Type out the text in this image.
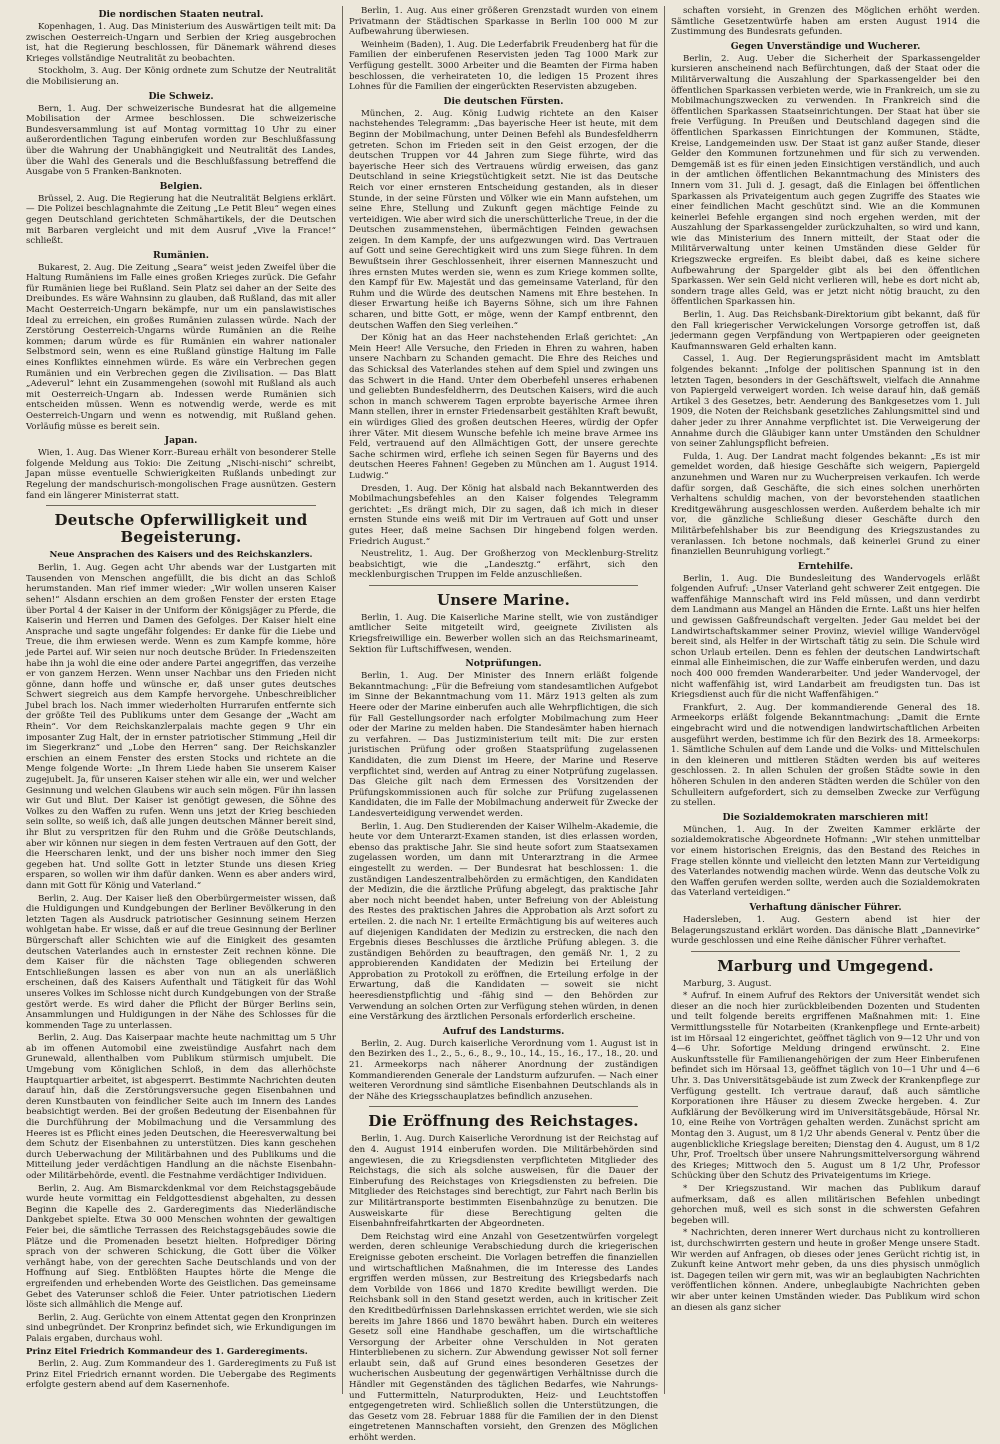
Die nordischen Staaten neutral.

Kopenhagen, 1. Aug. Das Ministerium des Auswärtigen teilt mit: Da zwischen Oesterreich-Ungarn und Serbien der Krieg ausgebrochen ist, hat die Regierung beschlossen, für Dänemark während dieses Krieges vollständige Neutralität zu beobachten.

Stockholm, 3. Aug. Der König ordnete zum Schutze der Neutralität die Mobilisierung an.

Die Schweiz.

Bern, 1. Aug. Der schweizerische Bundesrat hat die allgemeine Mobilisation der Armee beschlossen. Die schweizerische Bundesversammlung ist auf Montag vormittag 10 Uhr zu einer außerordentlichen Tagung einberufen worden zur Beschlußfassung über die Wahrung der Unabhängigkeit und Neutralität des Landes, über die Wahl des Generals und die Beschlußfassung betreffend die Ausgabe von 5 Franken-Banknoten.

Belgien.

Brüssel, 2. Aug. Die Regierung hat die Neutralität Belgiens erklärt. — Die Polizei beschlagnahmte die Zeitung „Le Petit Bleu“ wegen eines gegen Deutschland gerichteten Schmähartikels, der die Deutschen mit Barbaren vergleicht und mit dem Ausruf „Vive la France!“ schließt.

Rumänien.

Bukarest, 2. Aug. Die Zeitung „Seara“ weist jeden Zweifel über die Haltung Rumäniens im Falle eines großen Krieges zurück. Die Gefahr für Rumänien liege bei Rußland. Sein Platz sei daher an der Seite des Dreibundes. Es wäre Wahnsinn zu glauben, daß Rußland, das mit aller Macht Oesterreich-Ungarn bekämpfe, nur um ein panslawistisches Ideal zu erreichen, ein großes Rumänien zulassen würde. Nach der Zerstörung Oesterreich-Ungarns würde Rumänien an die Reihe kommen; darum würde es für Rumänien ein wahrer nationaler Selbstmord sein, wenn es eine Rußland günstige Haltung im Falle eines Konfliktes einnehmen würde. Es wäre ein Verbrechen gegen Rumänien und ein Verbrechen gegen die Zivilisation. — Das Blatt „Adeverul“ lehnt ein Zusammengehen (sowohl mit Rußland als auch mit Oesterreich-Ungarn ab. Indessen werde Rumänien sich entscheiden müssen. Wenn es notwendig werde, werde es mit Oesterreich-Ungarn und wenn es notwendig, mit Rußland gehen. Vorläufig müsse es bereit sein.

Japan.

Wien, 1. Aug. Das Wiener Korr.-Bureau erhält von besonderer Stelle folgende Meldung aus Tokio: Die Zeitung „Nischi-nischi“ schreibt, Japan müsse eventuelle Schwierigkeiten Rußlands unbedingt zur Regelung der mandschurisch-mongolischen Frage ausnützen. Gestern fand ein längerer Ministerrat statt.

Deutsche Opferwilligkeit und Begeisterung.
Neue Ansprachen des Kaisers und des Reichskanzlers.

Berlin, 1. Aug. Gegen acht Uhr abends war der Lustgarten mit Tausenden von Menschen angefüllt, die bis dicht an das Schloß herumstanden. Man rief immer wieder: „Wir wollen unseren Kaiser sehen!“ Alsdann erschien an dem großen Fenster der ersten Etage über Portal 4 der Kaiser in der Uniform der Königsjäger zu Pferde, die Kaiserin und Herren und Damen des Gefolges. Der Kaiser hielt eine Ansprache und sagte ungefähr folgendes: Er danke für die Liebe und Treue, die ihm erwiesen werde. Wenn es zum Kampfe komme, höre jede Partei auf. Wir seien nur noch deutsche Brüder. In Friedenszeiten habe ihn ja wohl die eine oder andere Partei angegriffen, das verzeihe er von ganzem Herzen. Wenn unser Nachbar uns den Frieden nicht gönne, dann hoffe und wünsche er, daß unser gutes deutsches Schwert siegreich aus dem Kampfe hervorgehe. Unbeschreiblicher Jubel brach los. Nach immer wiederholten Hurrarufen entfernte sich der größte Teil des Publikums unter dem Gesange der „Wacht am Rhein“. Vor dem Reichskanzlerpalais machte gegen 9 Uhr ein imposanter Zug Halt, der in ernster patriotischer Stimmung „Heil dir im Siegerkranz“ und „Lobe den Herren“ sang. Der Reichskanzler erschien an einem Fenster des ersten Stocks und richtete an die Menge folgende Worte: „In Ihrem Liede haben Sie unserem Kaiser zugejubelt. Ja, für unseren Kaiser stehen wir alle ein, wer und welcher Gesinnung und welchen Glaubens wir auch sein mögen. Für ihn lassen wir Gut und Blut. Der Kaiser ist genötigt gewesen, die Söhne des Volkes zu den Waffen zu rufen. Wenn uns jetzt der Krieg beschieden sein sollte, so weiß ich, daß alle jungen deutschen Männer bereit sind, ihr Blut zu verspritzen für den Ruhm und die Größe Deutschlands, aber wir können nur siegen in dem festen Vertrauen auf den Gott, der die Heerscharen lenkt, und der uns bisher noch immer den Sieg gegeben hat. Und sollte Gott in letzter Stunde uns diesen Krieg ersparen, so wollen wir ihm dafür danken. Wenn es aber anders wird, dann mit Gott für König und Vaterland.“

Berlin, 2. Aug. Der Kaiser ließ den Oberbürgermeister wissen, daß die Huldigungen und Kundgebungen der Berliner Bevölkerung in den letzten Tagen als Ausdruck patriotischer Gesinnung seinem Herzen wohlgetan habe. Er wisse, daß er auf die treue Gesinnung der Berliner Bürgerschaft aller Schichten wie auf die Einigkeit des gesamten deutschen Vaterlandes auch in ernstester Zeit rechnen könne. Die dem Kaiser für die nächsten Tage obliegenden schweren Entschließungen lassen es aber von nun an als unerläßlich erscheinen, daß des Kaisers Aufenthalt und Tätigkeit für das Wohl unseres Volkes im Schlosse nicht durch Kundgebungen von der Straße gestört werde. Es wird daher die Pflicht der Bürger Berlins sein, Ansammlungen und Huldigungen in der Nähe des Schlosses für die kommenden Tage zu unterlassen.

Berlin, 2. Aug. Das Kaiserpaar machte heute nachmittag um 5 Uhr ab im offenen Automobil eine zweistündige Ausfahrt nach dem Grunewald, allenthalben vom Publikum stürmisch umjubelt. Die Umgebung vom Königlichen Schloß, in dem das allerhöchste Hauptquartier arbeitet, ist abgesperrt. Bestimmte Nachrichten deuten darauf hin, daß die Zerstörungsversuche gegen Eisenbahnen und deren Kunstbauten von feindlicher Seite auch im Innern des Landes beabsichtigt werden. Bei der großen Bedeutung der Eisenbahnen für die Durchführung der Mobilmachung und die Versammlung des Heeres ist es Pflicht eines jeden Deutschen, die Heeresverwaltung bei dem Schutz der Eisenbahnen zu unterstützen. Dies kann geschehen durch Ueberwachung der Militärbahnen und des Publikums und die Mitteilung jeder verdächtigen Handlung an die nächste Eisenbahn- oder Militärbehörde, eventl. die Festnahme verdächtiger Individuen.

Berlin, 2. Aug. Am Bismarckdenkmal vor dem Reichstagsgebäude wurde heute vormittag ein Feldgottesdienst abgehalten, zu dessen Beginn die Kapelle des 2. Garderegiments das Niederländische Dankgebet spielte. Etwa 30 000 Menschen wohnten der gewaltigen Feier bei, die sämtliche Terrassen des Reichstagsgebäudes sowie die Plätze und die Promenaden besetzt hielten. Hofprediger Döring sprach von der schweren Schickung, die Gott über die Völker verhängt habe, von der gerechten Sache Deutschlands und von der Hoffnung auf Sieg. Entblößten Hauptes hörte die Menge die ergreifenden und erhebenden Worte des Geistlichen. Das gemeinsame Gebet des Vaterunser schloß die Feier. Unter patriotischen Liedern löste sich allmählich die Menge auf.

Berlin, 2. Aug. Gerüchte von einem Attentat gegen den Kronprinzen sind unbegründet. Der Kronprinz befindet sich, wie Erkundigungen im Palais ergaben, durchaus wohl.

Prinz Eitel Friedrich Kommandeur des 1. Garderegiments.

Berlin, 2. Aug. Zum Kommandeur des 1. Garderegiments zu Fuß ist Prinz Eitel Friedrich ernannt worden. Die Uebergabe des Regiments erfolgte gestern abend auf dem Kasernenhofe.

Berlin, 1. Aug. Aus einer größeren Grenzstadt wurden von einem Privatmann der Städtischen Sparkasse in Berlin 100 000 M zur Aufbewahrung überwiesen.

Weinheim (Baden), 1. Aug. Die Lederfabrik Freudenberg hat für die Familien der einberufenen Reservisten jeden Tag 1000 Mark zur Verfügung gestellt. 3000 Arbeiter und die Beamten der Firma haben beschlossen, die verheirateten 10, die ledigen 15 Prozent ihres Lohnes für die Familien der eingerückten Reservisten abzugeben.

Die deutschen Fürsten.

München, 2. Aug. König Ludwig richtete an den Kaiser nachstehendes Telegramm: „Das bayerische Heer ist heute, mit dem Beginn der Mobilmachung, unter Deinen Befehl als Bundesfeldherrn getreten. Schon im Frieden seit in den Geist erzogen, der die deutschen Truppen vor 44 Jahren zum Siege führte, wird das bayerische Heer sich des Vertrauens würdig erweisen, das ganz Deutschland in seine Kriegstüchtigkeit setzt. Nie ist das Deutsche Reich vor einer ernsteren Entscheidung gestanden, als in dieser Stunde, in der seine Fürsten und Völker wie ein Mann aufstehen, um seine Ehre, Stellung und Zukunft gegen mächtige Feinde zu verteidigen. Wie aber wird sich die unerschütterliche Treue, in der die Deutschen zusammenstehen, übermächtigen Feinden gewachsen zeigen. In dem Kampfe, der uns aufgezwungen wird. Das Vertrauen auf Gott und seine Gerechtigkeit wird uns zum Siege führen. In dem Bewußtsein ihrer Geschlossenheit, ihrer eisernen Manneszucht und ihres ernsten Mutes werden sie, wenn es zum Kriege kommen sollte, den Kampf für Ew. Majestät und das gemeinsame Vaterland, für den Ruhm und die Würde des deutschen Namens mit Ehre bestehen. In dieser Erwartung heiße ich Bayerns Söhne, sich um ihre Fahnen scharen, und bitte Gott, er möge, wenn der Kampf entbrennt, den deutschen Waffen den Sieg verleihen.“

Der König hat an das Heer nachstehenden Erlaß gerichtet: „An Mein Heer! Alle Versuche, den Frieden in Ehren zu wahren, haben unsere Nachbarn zu Schanden gemacht. Die Ehre des Reiches und das Schicksal des Vaterlandes stehen auf dem Spiel und zwingen uns das Schwert in die Hand. Unter dem Oberbefehl unseres erhabenen und geliebten Bundesfeldherrn, des Deutschen Kaisers, wird die auch schon in manch schwerem Tagen erprobte bayerische Armee ihren Mann stellen, ihrer in ernster Friedensarbeit gestählten Kraft bewußt, ein würdiges Glied des großen deutschen Heeres, würdig der Opfer ihrer Väter. Mit diesem Wunsche befehle ich meine brave Armee ins Feld, vertrauend auf den Allmächtigen Gott, der unsere gerechte Sache schirmen wird, erflehe ich seinen Segen für Bayerns und des deutschen Heeres Fahnen! Gegeben zu München am 1. August 1914. Ludwig.“

Dresden, 1. Aug. Der König hat alsbald nach Bekanntwerden des Mobilmachungsbefehles an den Kaiser folgendes Telegramm gerichtet: „Es drängt mich, Dir zu sagen, daß ich mich in dieser ernsten Stunde eins weiß mit Dir im Vertrauen auf Gott und unser gutes Heer, daß meine Sachsen Dir hingebend folgen werden. Friedrich August.“

Neustrelitz, 1. Aug. Der Großherzog von Mecklenburg-Strelitz beabsichtigt, wie die „Landesztg.“ erfährt, sich den mecklenburgischen Truppen im Felde anzuschließen.

Unsere Marine.

Berlin, 1. Aug. Die Kaiserliche Marine stellt, wie von zuständiger amtlicher Seite mitgeteilt wird, geeignete Zivilisten als Kriegsfreiwillige ein. Bewerber wollen sich an das Reichsmarineamt, Sektion für Luftschiffwesen, wenden.

Notprüfungen.

Berlin, 1. Aug. Der Minister des Innern erläßt folgende Bekanntmachung: „Für die Befreiung vom standesamtlichen Aufgebot im Sinne der Bekanntmachung vom 11. März 1913 gelten als zum Heere oder der Marine einberufen auch alle Wehrpflichtigen, die sich für Fall Gestellungsorder nach erfolgter Mobilmachung zum Heer oder der Marine zu melden haben. Die Standesämter haben hiernach zu verfahren. — Das Justizministerium teilt mit: Die zur ersten juristischen Prüfung oder großen Staatsprüfung zugelassenen Kandidaten, die zum Dienst im Heere, der Marine und Reserve verpflichtet sind, werden auf Antrag zu einer Notprüfung zugelassen. Das Gleiche gilt nach dem Ermessen des Vorsitzenden der Prüfungskommissionen auch für solche zur Prüfung zugelassenen Kandidaten, die im Falle der Mobilmachung anderweit für Zwecke der Landesverteidigung verwendet werden.

Berlin, 1. Aug. Den Studierenden der Kaiser Wilhelm-Akademie, die heute vor dem Unterarzt-Examen standen, ist dies erlassen worden, ebenso das praktische Jahr. Sie sind heute sofort zum Staatsexamen zugelassen worden, um dann mit Unterarztrang in die Armee eingestellt zu werden. — Der Bundesrat hat beschlossen: 1. die zuständigen Landeszentralbehörden zu ermächtigen, den Kandidaten der Medizin, die die ärztliche Prüfung abgelegt, das praktische Jahr aber noch nicht beendet haben, unter Befreiung von der Ableistung des Restes des praktischen Jahres die Approbation als Arzt sofort zu erteilen. 2. die nach Nr. 1 erteilte Ermächtigung bis auf weiteres auch auf diejenigen Kandidaten der Medizin zu erstrecken, die nach den Ergebnis dieses Beschlusses die ärztliche Prüfung ablegen. 3. die zuständigen Behörden zu beauftragen, den gemäß Nr. 1, 2 zu approbierenden Kandidaten der Medizin bei Erteilung der Approbation zu Protokoll zu eröffnen, die Erteilung erfolge in der Erwartung, daß die Kandidaten — soweit sie nicht heeresdienstpflichtig und -fähig sind — den Behörden zur Verwendung an solchen Orten zur Verfügung stehen würden, in denen eine Verstärkung des ärztlichen Personals erforderlich erscheine.

Aufruf des Landsturms.

Berlin, 2. Aug. Durch kaiserliche Verordnung vom 1. August ist in den Bezirken des 1., 2., 5., 6., 8., 9., 10., 14., 15., 16., 17., 18., 20. und 21. Armeekorps nach näherer Anordnung der zuständigen Kommandierenden Generale der Landsturm aufzurufen. — Nach einer weiteren Verordnung sind sämtliche Eisenbahnen Deutschlands als in der Nähe des Kriegsschauplatzes befindlich anzusehen.

Die Eröffnung des Reichstages.

Berlin, 1. Aug. Durch Kaiserliche Verordnung ist der Reichstag auf den 4. August 1914 einberufen worden. Die Militärbehörden sind angewiesen, die zu Kriegsdiensten verpflichteten Mitglieder des Reichstags, die sich als solche ausweisen, für die Dauer der Einberufung des Reichstages von Kriegsdiensten zu befreien. Die Mitglieder des Reichstages sind berechtigt, zur Fahrt nach Berlin bis zur Militärtransporte bestimmten Eisenbahnzüge zu benutzen. Die Ausweiskarte für diese Berechtigung gelten die Eisenbahnfreifahrtkarten der Abgeordneten.

Dem Reichstag wird eine Anzahl von Gesetzentwürfen vorgelegt werden, deren schleunige Verabschiedung durch die kriegerischen Ereignisse geboten erscheint. Die Vorlagen betreffen die finanziellen und wirtschaftlichen Maßnahmen, die im Interesse des Landes ergriffen werden müssen, zur Bestreitung des Kriegsbedarfs nach dem Vorbilde von 1866 und 1870 Kredite bewilligt werden. Die Reichsbank soll in den Stand gesetzt werden, auch in kritischer Zeit den Kreditbedürfnissen Darlehnskassen errichtet werden, wie sie sich bereits im Jahre 1866 und 1870 bewährt haben. Durch ein weiteres Gesetz soll eine Handhabe geschaffen, um die wirtschaftliche Versorgung der Arbeiter ohne Verschulden in Not geraten Hinterbliebenen zu sichern. Zur Abwendung gewisser Not soll ferner erlaubt sein, daß auf Grund eines besonderen Gesetzes der wucherischen Ausbeutung der gegenwärtigen Verhältnisse durch die Händler mit Gegenständen des täglichen Bedarfes, wie Nahrungs- und Futtermitteln, Naturprodukten, Heiz- und Leuchtstoffen entgegengetreten wird. Schließlich sollen die Unterstützungen, die das Gesetz vom 28. Februar 1888 für die Familien der in den Dienst eingetretenen Mannschaften vorsieht, den Grenzen des Möglichen erhöht werden.

schaften vorsieht, in Grenzen des Möglichen erhöht werden. Sämtliche Gesetzentwürfe haben am ersten August 1914 die Zustimmung des Bundesrats gefunden.

Gegen Unverständige und Wucherer.

Berlin, 2. Aug. Ueber die Sicherheit der Sparkassengelder kursieren anscheinend nach Befürchtungen, daß der Staat oder die Militärverwaltung die Auszahlung der Sparkassengelder bei den öffentlichen Sparkassen verbieten werde, wie in Frankreich, um sie zu Mobilmachungszwecken zu verwenden. In Frankreich sind die öffentlichen Sparkassen Staatseinrichtungen. Der Staat hat über sie freie Verfügung. In Preußen und Deutschland dagegen sind die öffentlichen Sparkassen Einrichtungen der Kommunen, Städte, Kreise, Landgemeinden usw. Der Staat ist ganz außer Stande, dieser Gelder den Kommunen fortzunehmen und für sich zu verwenden. Demgemäß ist es für einen jeden Einsichtigen verständlich, und auch in der amtlichen öffentlichen Bekanntmachung des Ministers des Innern vom 31. Juli d. J. gesagt, daß die Einlagen bei öffentlichen Sparkassen als Privateigentum auch gegen Zugriffe des Staates wie einer feindlichen Macht geschützt sind. Wie an die Kommunen keinerlei Befehle ergangen sind noch ergehen werden, mit der Auszahlung der Sparkassengelder zurückzuhalten, so wird und kann, wie das Ministerium des Innern mitteilt, der Staat oder die Militärverwaltung unter keinen Umständen diese Gelder für Kriegszwecke ergreifen. Es bleibt dabei, daß es keine sichere Aufbewahrung der Spargelder gibt als bei den öffentlichen Sparkassen. Wer sein Geld nicht verlieren will, hebe es dort nicht ab, sondern trage alles Geld, was er jetzt nicht nötig braucht, zu den öffentlichen Sparkassen hin.

Berlin, 1. Aug. Das Reichsbank-Direktorium gibt bekannt, daß für den Fall kriegerischer Verwickelungen Vorsorge getroffen ist, daß jedermann gegen Verpfändung von Wertpapieren oder geeigneten Kaufmannswaren Geld erhalten kann.

Cassel, 1. Aug. Der Regierungspräsident macht im Amtsblatt folgendes bekannt: „Infolge der politischen Spannung ist in den letzten Tagen, besonders in der Geschäftswelt, vielfach die Annahme von Papiergeld verweigert worden. Ich weise darauf hin, daß gemäß Artikel 3 des Gesetzes, betr. Aenderung des Bankgesetzes vom 1. Juli 1909, die Noten der Reichsbank gesetzliches Zahlungsmittel sind und daher jeder zu ihrer Annahme verpflichtet ist. Die Verweigerung der Annahme durch die Gläubiger kann unter Umständen den Schuldner von seiner Zahlungspflicht befreien.

Fulda, 1. Aug. Der Landrat macht folgendes bekannt: „Es ist mir gemeldet worden, daß hiesige Geschäfte sich weigern, Papiergeld anzunehmen und Waren nur zu Wucherpreisen verkaufen. Ich werde dafür sorgen, daß Geschäfte, die sich eines solchen unerhörten Verhaltens schuldig machen, von der bevorstehenden staatlichen Kreditgewährung ausgeschlossen werden. Außerdem behalte ich mir vor, die gänzliche Schließung dieser Geschäfte durch den Militärbefehlshaber bis zur Beendigung des Kriegszustandes zu veranlassen. Ich betone nochmals, daß keinerlei Grund zu einer finanziellen Beunruhigung vorliegt.“

Erntehilfe.

Berlin, 1. Aug. Die Bundesleitung des Wandervogels erläßt folgenden Aufruf: „Unser Vaterland geht schwerer Zeit entgegen. Die waffenfähige Mannschaft wird ins Feld müssen, und dann verdirbt dem Landmann aus Mangel an Händen die Ernte. Laßt uns hier helfen und gewissen Gaßfreundschaft vergelten. Jeder Gau meldet bei der Landwirtschaftskammer seiner Provinz, wieviel willige Wandervögel bereit sind, als Helfer in der Wirtschaft tätig zu sein. Die Schule wird schon Urlaub erteilen. Denn es fehlen der deutschen Landwirtschaft einmal alle Einheimischen, die zur Waffe einberufen werden, und dazu noch 400 000 fremden Wanderarbeiter. Und jeder Wandervogel, der nicht waffenfähig ist, wird Landarbeit am freudigsten tun. Das ist Kriegsdienst auch für die nicht Waffenfähigen.“

Frankfurt, 2. Aug. Der kommandierende General des 18. Armeekorps erläßt folgende Bekanntmachung: „Damit die Ernte eingebracht wird und die notwendigen landwirtschaftlichen Arbeiten ausgeführt werden, bestimme ich für den Bezirk des 18. Armeekorps: 1. Sämtliche Schulen auf dem Lande und die Volks- und Mittelschulen in den kleineren und mittleren Städten werden bis auf weiteres geschlossen. 2. In allen Schulen der großen Städte sowie in den höheren Schulen in den anderen Städten werden die Schüler von den Schulleitern aufgefordert, sich zu demselben Zwecke zur Verfügung zu stellen.

Die Sozialdemokraten marschieren mit!

München, 1. Aug. In der Zweiten Kammer erklärte der sozialdemokratische Abgeordnete Hofmann: „Wir stehen unmittelbar vor einem historischen Ereignis, das den Bestand des Reiches in Frage stellen könnte und vielleicht den letzten Mann zur Verteidigung des Vaterlandes notwendig machen würde. Wenn das deutsche Volk zu den Waffen gerufen werden sollte, werden auch die Sozialdemokraten das Vaterland verteidigen.“

Verhaftung dänischer Führer.

Hadersleben, 1. Aug. Gestern abend ist hier der Belagerungszustand erklärt worden. Das dänische Blatt „Dannevirke“ wurde geschlossen und eine Reihe dänischer Führer verhaftet.

Marburg und Umgegend.

Marburg, 3. August.

* Aufruf. In einem Aufruf des Rektors der Universität wendet sich dieser an die noch hier zurückbleibenden Dozenten und Studenten und teilt folgende bereits ergriffenen Maßnahmen mit: 1. Eine Vermittlungsstelle für Notarbeiten (Krankenpflege und Ernte-arbeit) ist im Hörsaal 12 eingerichtet, geöffnet täglich von 9—12 Uhr und von 4—6 Uhr. Sofortige Meldung dringend erwünscht. 2. Eine Auskunftsstelle für Familienangehörigen der zum Heer Einberufenen befindet sich im Hörsaal 13, geöffnet täglich von 10—1 Uhr und 4—6 Uhr. 3. Das Universitätsgebäude ist zum Zweck der Krankenpflege zur Verfügung gestellt. Ich vertraue darauf, daß auch sämtliche Korporationen ihre Häuser zu diesem Zwecke hergeben. 4. Zur Aufklärung der Bevölkerung wird im Universitätsgebäude, Hörsal Nr. 10, eine Reihe von Vorträgen gehalten werden. Zunächst spricht am Montag den 3. August, um 8 1/2 Uhr abends General v. Pentz über die augenblickliche Kriegslage bereiten; Dienstag den 4. August, um 8 1/2 Uhr, Prof. Troeltsch über unsere Nahrungsmittelversorgung während des Krieges; Mittwoch den 5. August um 8 1/2 Uhr, Professor Schücking über den Schutz des Privateigentums im Kriege.

* Der Kriegszustand. Wir machen das Publikum darauf aufmerksam, daß es allen militärischen Befehlen unbedingt gehorchen muß, weil es sich sonst in die schwersten Gefahren begeben will.

* Nachrichten, deren innerer Wert durchaus nicht zu kontrollieren ist, durchschwirrten gestern und heute in großer Menge unsere Stadt. Wir werden auf Anfragen, ob dieses oder jenes Gerücht richtig ist, in Zukunft keine Antwort mehr geben, da uns dies physisch unmöglich ist. Dagegen teilen wir gern mit, was wir an beglaubigten Nachrichten veröffentlichen können. Andere, unbeglaubigte Nachrichten geben wir aber unter keinen Umständen wieder. Das Publikum wird schon an diesen als ganz sicher
